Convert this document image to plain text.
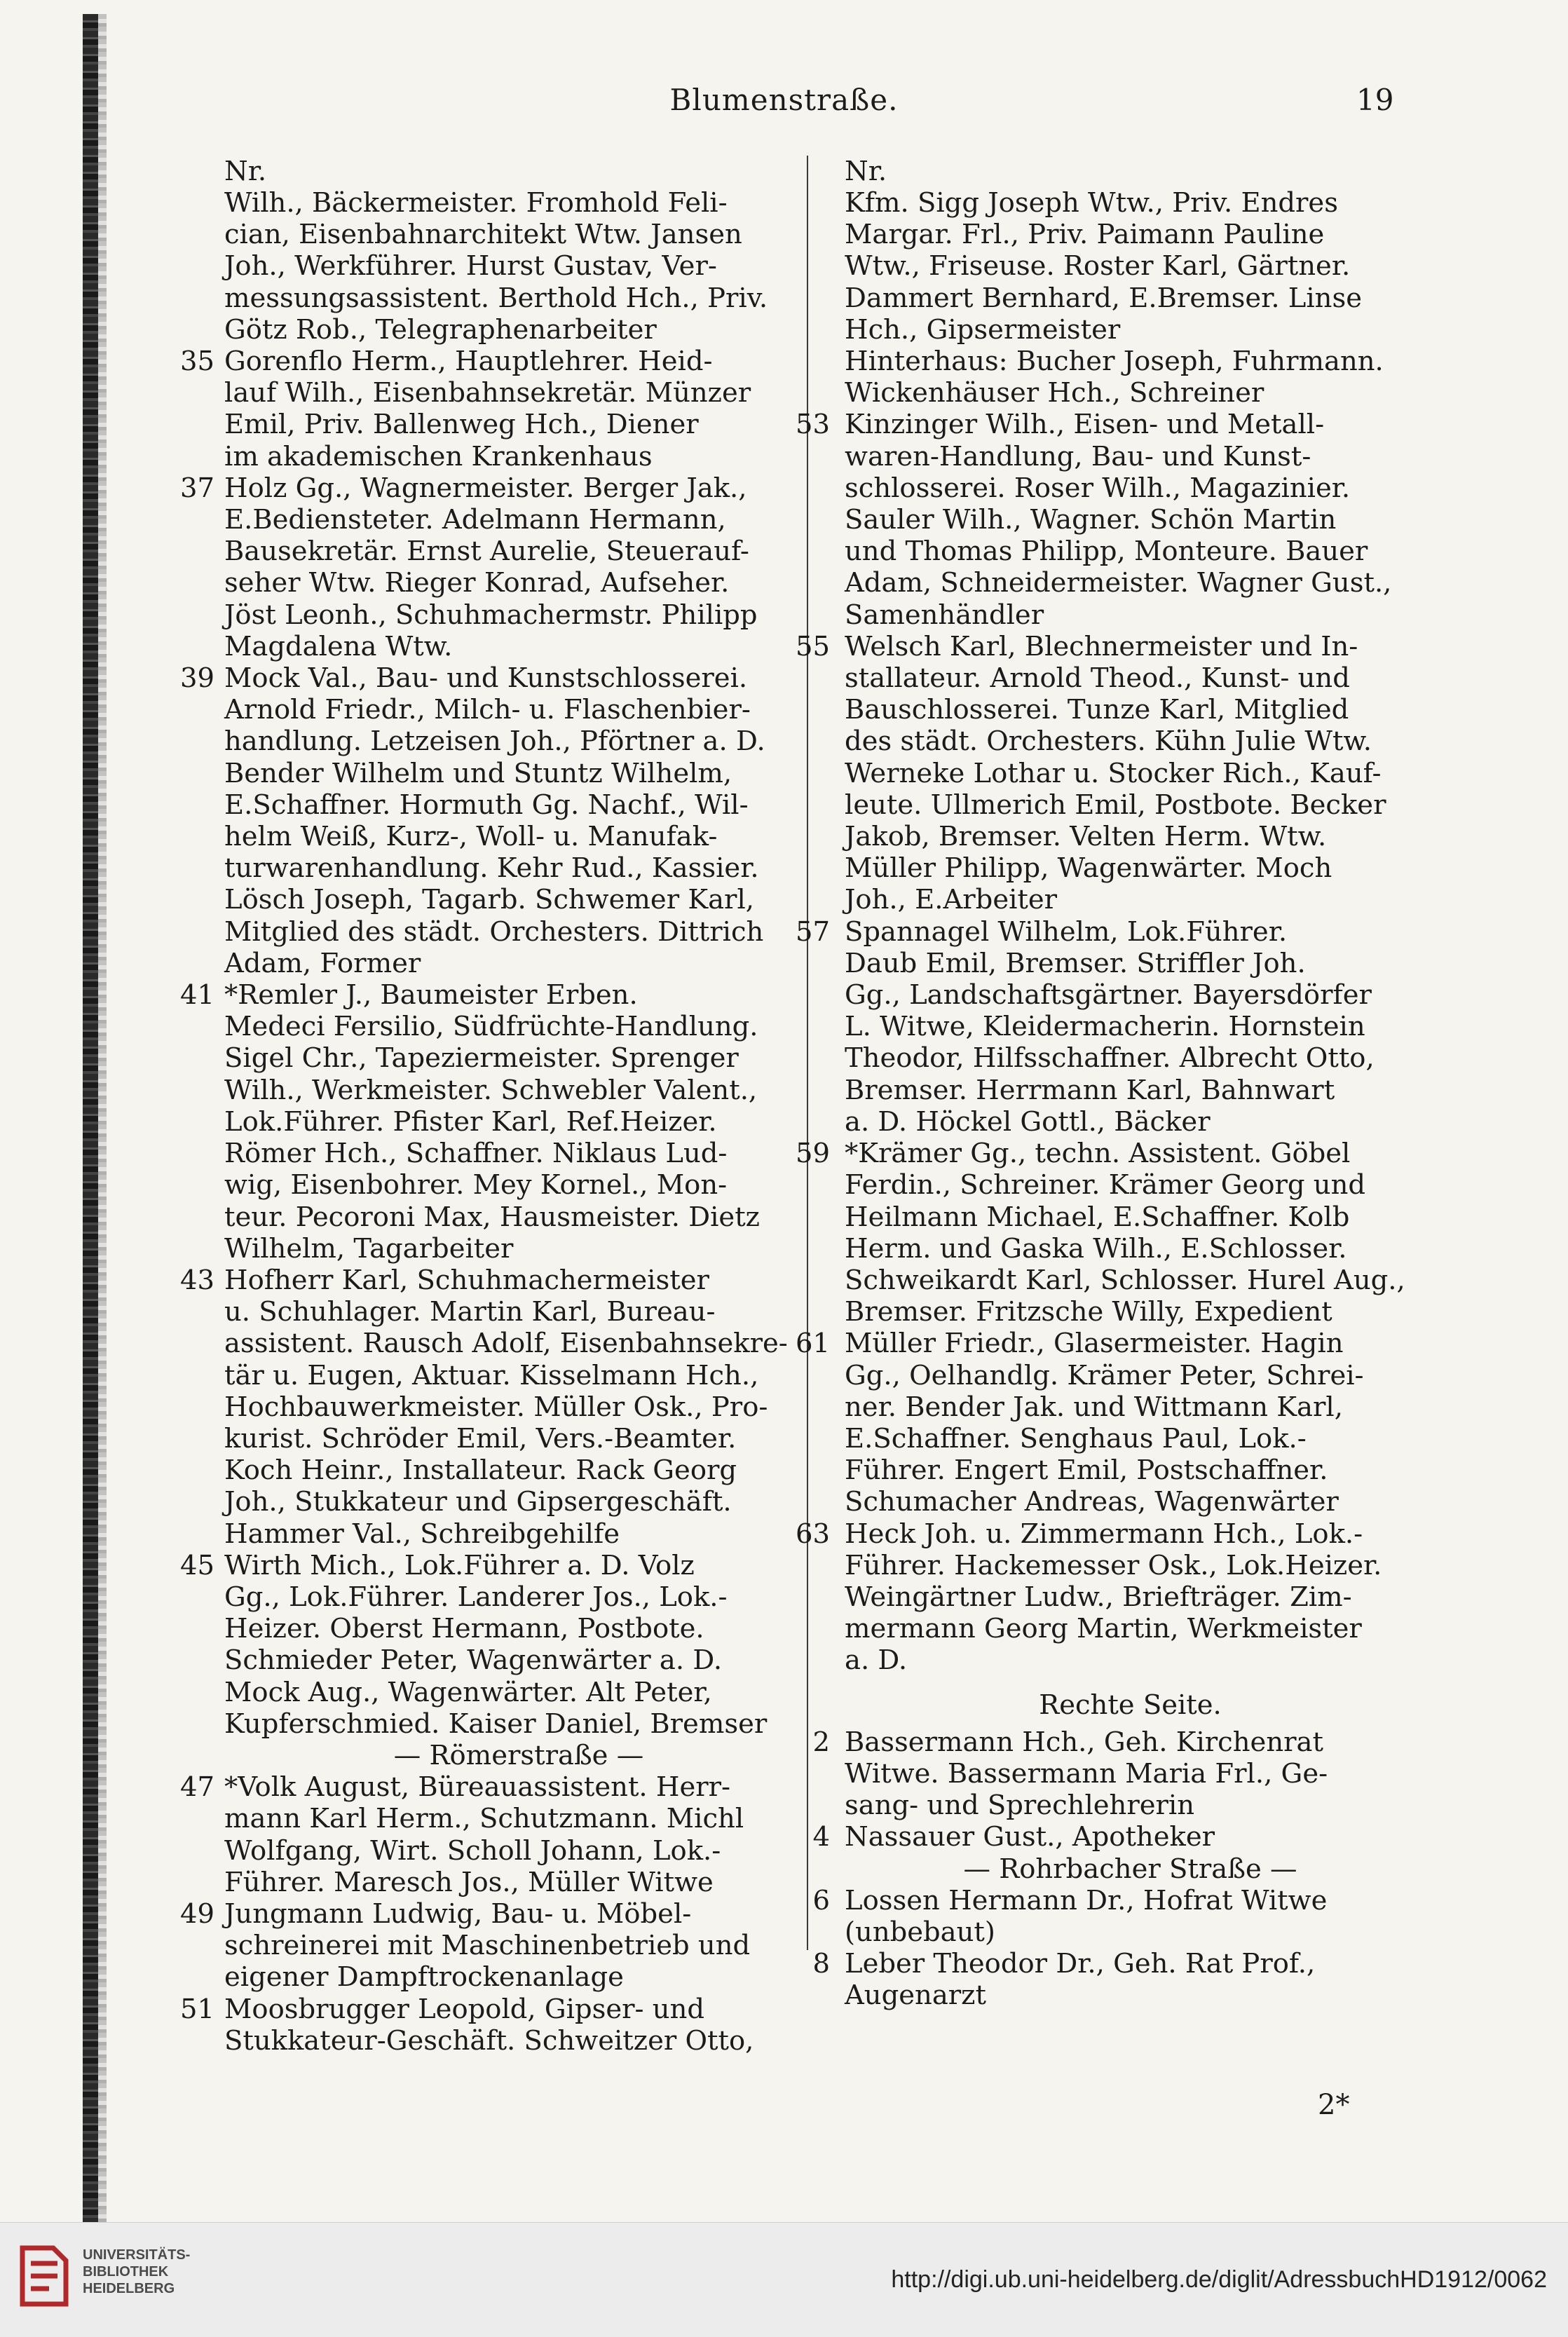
Blumenstraße.	19
Nr.
Wilh., Bäckermeister. Fromhold Feli-
cian, Eisenbahnarchitekt Wtw. Jansen
Joh., Werkführer. Hurst Gustav, Ver-
messungsassistent. Berthold Hch., Priv.
Götz Rob., Telegraphenarbeiter
35 Gorenflo Herm., Hauptlehrer. Heid-
lauf Wilh., Eisenbahnsekretär. Münzer
Emil, Priv. Ballenweg Hch., Diener
im akademischen Krankenhaus
37 Holz Gg., Wagnermeister. Berger Jak.,
E.Bediensteter. Adelmann Hermann,
Bausekretär. Ernst Aurelie, Steuerauf-
seher Wtw. Rieger Konrad, Aufseher.
Jöst Leonh., Schuhmachermstr. Philipp
Magdalena Wtw.
39 Mock Val., Bau- und Kunstschlosserei.
Arnold Friedr., Milch- u. Flaschenbier-
handlung. Letzeisen Joh., Pförtner a. D.
Bender Wilhelm und Stuntz Wilhelm,
E.Schaffner. Hormuth Gg. Nachf., Wil-
helm Weiß, Kurz-, Woll- u. Manufak-
turwarenhandlung. Kehr Rud., Kassier.
Lösch Joseph, Tagarb. Schwemer Karl,
Mitglied des städt. Orchesters. Dittrich
Adam, Former
41 *Remler J., Baumeister Erben.
Medeci Fersilio, Südfrüchte-Handlung.
Sigel Chr., Tapeziermeister. Sprenger
Wilh., Werkmeister. Schwebler Valent.,
Lok.Führer. Pfister Karl, Ref.Heizer.
Römer Hch., Schaffner. Niklaus Lud-
wig, Eisenbohrer. Mey Kornel., Mon-
teur. Pecoroni Max, Hausmeister. Dietz
Wilhelm, Tagarbeiter
43 Hofherr Karl, Schuhmachermeister
u. Schuhlager. Martin Karl, Bureau-
assistent. Rausch Adolf, Eisenbahnsekre-
tär u. Eugen, Aktuar. Kisselmann Hch.,
Hochbauwerkmeister. Müller Osk., Pro-
kurist. Schröder Emil, Vers.-Beamter.
Koch Heinr., Installateur. Rack Georg
Joh., Stukkateur und Gipsergeschäft.
Hammer Val., Schreibgehilfe
45 Wirth Mich., Lok.Führer a. D. Volz
Gg., Lok.Führer. Landerer Jos., Lok.-
Heizer. Oberst Hermann, Postbote.
Schmieder Peter, Wagenwärter a. D.
Mock Aug., Wagenwärter. Alt Peter,
Kupferschmied. Kaiser Daniel, Bremser
— Römerstraße —
47 *Volk August, Büreauassistent. Herr-
mann Karl Herm., Schutzmann. Michl
Wolfgang, Wirt. Scholl Johann, Lok.-
Führer. Maresch Jos., Müller Witwe
49 Jungmann Ludwig, Bau- u. Möbel-
schreinerei mit Maschinenbetrieb und
eigener Dampftrockenanlage
51 Moosbrugger Leopold, Gipser- und
Stukkateur-Geschäft. Schweitzer Otto,
Nr.
Kfm. Sigg Joseph Wtw., Priv. Endres
Margar. Frl., Priv. Paimann Pauline
Wtw., Friseuse. Roster Karl, Gärtner.
Dammert Bernhard, E.Bremser. Linse
Hch., Gipsermeister
Hinterhaus: Bucher Joseph, Fuhrmann.
Wickenhäuser Hch., Schreiner
53 Kinzinger Wilh., Eisen- und Metall-
waren-Handlung, Bau- und Kunst-
schlosserei. Roser Wilh., Magazinier.
Sauler Wilh., Wagner. Schön Martin
und Thomas Philipp, Monteure. Bauer
Adam, Schneidermeister. Wagner Gust.,
Samenhändler
55 Welsch Karl, Blechnermeister und In-
stallateur. Arnold Theod., Kunst- und
Bauschlosserei. Tunze Karl, Mitglied
des städt. Orchesters. Kühn Julie Wtw.
Werneke Lothar u. Stocker Rich., Kauf-
leute. Ullmerich Emil, Postbote. Becker
Jakob, Bremser. Velten Herm. Wtw.
Müller Philipp, Wagenwärter. Moch
Joh., E.Arbeiter
57 Spannagel Wilhelm, Lok.Führer.
Daub Emil, Bremser. Striffler Joh.
Gg., Landschaftsgärtner. Bayersdörfer
L. Witwe, Kleidermacherin. Hornstein
Theodor, Hilfsschaffner. Albrecht Otto,
Bremser. Herrmann Karl, Bahnwart
a. D. Höckel Gottl., Bäcker
59 *Krämer Gg., techn. Assistent. Göbel
Ferdin., Schreiner. Krämer Georg und
Heilmann Michael, E.Schaffner. Kolb
Herm. und Gaska Wilh., E.Schlosser.
Schweikardt Karl, Schlosser. Hurel Aug.,
Bremser. Fritzsche Willy, Expedient
61 Müller Friedr., Glasermeister. Hagin
Gg., Oelhandlg. Krämer Peter, Schrei-
ner. Bender Jak. und Wittmann Karl,
E.Schaffner. Senghaus Paul, Lok.-
Führer. Engert Emil, Postschaffner.
Schumacher Andreas, Wagenwärter
63 Heck Joh. u. Zimmermann Hch., Lok.-
Führer. Hackemesser Osk., Lok.Heizer.
Weingärtner Ludw., Briefträger. Zim-
mermann Georg Martin, Werkmeister
a. D.
Rechte Seite.
2 Bassermann Hch., Geh. Kirchenrat
Witwe. Bassermann Maria Frl., Ge-
sang- und Sprechlehrerin
4 Nassauer Gust., Apotheker
— Rohrbacher Straße —
6 Lossen Hermann Dr., Hofrat Witwe
(unbebaut)
8 Leber Theodor Dr., Geh. Rat Prof.,
Augenarzt
2*
UNIVERSITÄTS-
BIBLIOTHEK
HEIDELBERG	http://digi.ub.uni-heidelberg.de/diglit/AdressbuchHD1912/0062
